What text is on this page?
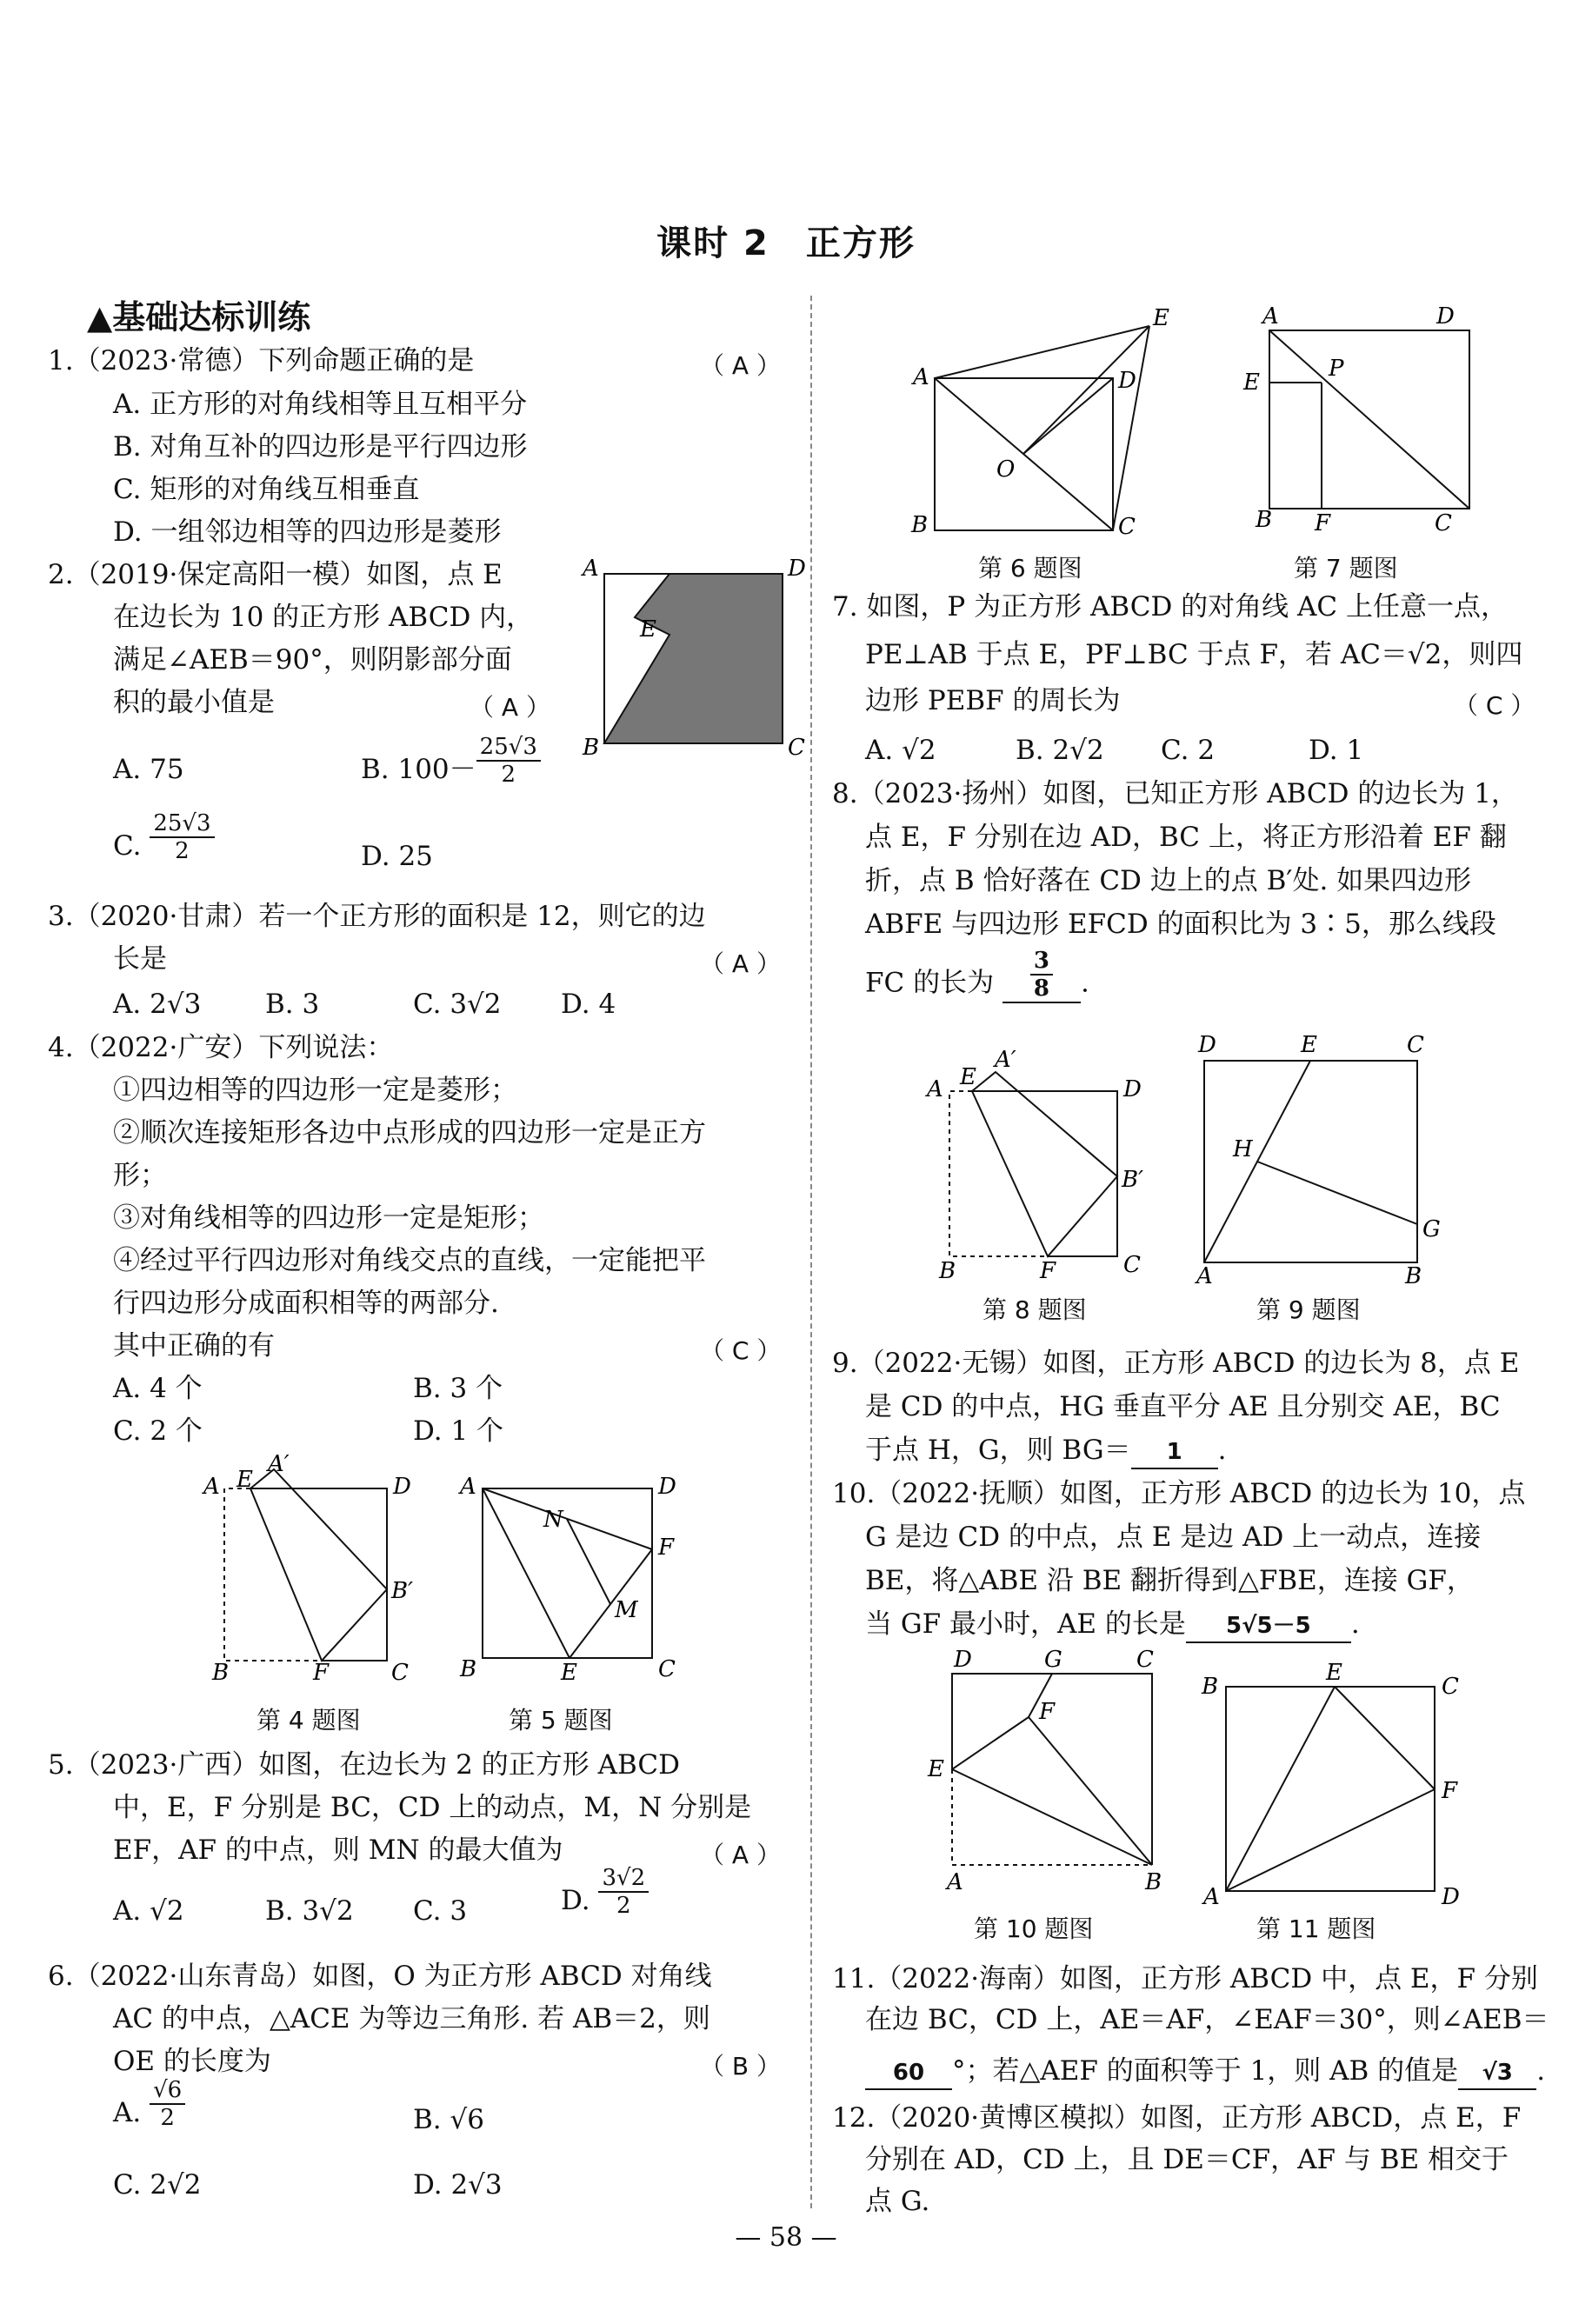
课时 2　正方形
▲基础达标训练
1.（2023·常德）下列命题正确的是	（ A ）
A. 正方形的对角线相等且互相平分
B. 对角互补的四边形是平行四边形
C. 矩形的对角线互相垂直
D. 一组邻边相等的四边形是菱形
2.（2019·保定高阳一模）如图，点 E
在边长为 10 的正方形 ABCD 内，
满足∠AEB＝90°，则阴影部分面
积的最小值是	（ A ）
A	D
B	C
E
A. 75	B. $100- \frac{25√3}{2}$
C. $\frac{25√3}{2}$	D. 25
3.（2020·甘肃）若一个正方形的面积是 12，则它的边
长是	（ A ）
A. 2√3 B. 3	C. 3√2 D. 4
4.（2022·广安）下列说法：
①四边相等的四边形一定是菱形；
②顺次连接矩形各边中点形成的四边形一定是正方
形；
③对角线相等的四边形一定是矩形；
④经过平行四边形对角线交点的直线，一定能把平
行四边形分成面积相等的两部分.
其中正确的有	（ C ）
A. 4 个	B. 3 个
C. 2 个	D. 1 个
A E
A′
D
B′
B	F	C
第 4 题图
A	D
N
F
M
B	E	C
第 5 题图
5.（2023·广西）如图，在边长为 2 的正方形 ABCD
中，E，F 分别是 BC，CD 上的动点，M，N 分别是
EF，AF 的中点，则 MN 的最大值为	（ A ）
A. √2	B. 3√2 C. 3	D. $\frac{3√2}{2}$
6.（2022·山东青岛）如图，O 为正方形 ABCD 对角线
AC 的中点，△ACE 为等边三角形. 若 AB＝2，则
OE 的长度为	（ B ）
A. $\frac{√6}{2}$	B. √6
C. 2√2	D. 2√3
A	D
E
O
B	C
第 6 题图
A	D
E
P
B F	C
第 7 题图
7. 如图，P 为正方形 ABCD 的对角线 AC 上任意一点，
PE⊥AB 于点 E，PF⊥BC 于点 F，若 AC＝√2，则四
边形 PEBF 的周长为	（ C ）
A. √2	B. 2√2 C. 2	D. 1
8.（2023·扬州）如图，已知正方形 ABCD 的边长为 1，
点 E，F 分别在边 AD，BC 上，将正方形沿着 EF 翻
折，点 B 恰好落在 CD 边上的点 B′处. 如果四边形
ABFE 与四边形 EFCD 的面积比为 3∶5，那么线段
FC 的长为 $\frac{3}{8}$ .
A E
A′
D
B′
B	F	C
第 8 题图
D	E	C
H
G
A	B
第 9 题图
9.（2022·无锡）如图，正方形 ABCD 的边长为 8，点 E
是 CD 的中点，HG 垂直平分 AE 且分别交 AE，BC
于点 H，G，则 BG＝ 1 .
10.（2022·抚顺）如图，正方形 ABCD 的边长为 10，点
G 是边 CD 的中点，点 E 是边 AD 上一动点，连接
BE，将△ABE 沿 BE 翻折得到△FBE，连接 GF，
当 GF 最小时，AE 的长是 5√5－5 .
D	G	C
F
E
A	B
第 10 题图
B
E
C
F
A	D
第 11 题图
11.（2022·海南）如图，正方形 ABCD 中，点 E，F 分别
在边 BC，CD 上，AE＝AF，∠EAF＝30°，则∠AEB＝
60 °；若△AEF 的面积等于 1，则 AB 的值是 √3 .
12.（2020·黄博区模拟）如图，正方形 ABCD，点 E，F
分别在 AD，CD 上，且 DE＝CF，AF 与 BE 相交于
点 G.
— 58 —
